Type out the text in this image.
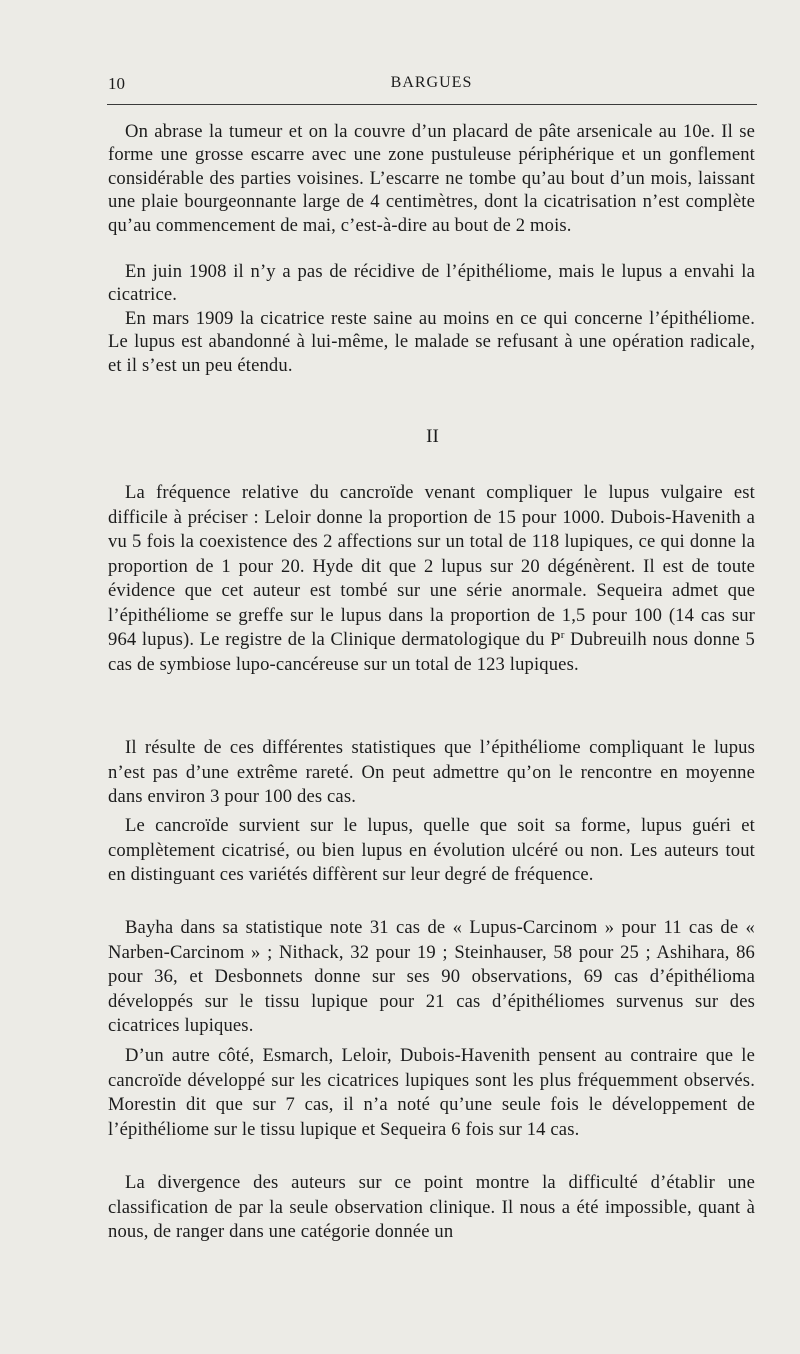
10	BARGUES

On abrase la tumeur et on la couvre d’un placard de pâte arsenicale au 10e. Il se forme une grosse escarre avec une zone pustuleuse périphérique et un gonflement considérable des parties voisines. L’escarre ne tombe qu’au bout d’un mois, laissant une plaie bourgeonnante large de 4 centimètres, dont la cicatrisation n’est complète qu’au commencement de mai, c’est-à-dire au bout de 2 mois.

En juin 1908 il n’y a pas de récidive de l’épithéliome, mais le lupus a envahi la cicatrice.

En mars 1909 la cicatrice reste saine au moins en ce qui concerne l’épithéliome. Le lupus est abandonné à lui-même, le malade se refusant à une opération radicale, et il s’est un peu étendu.

II

La fréquence relative du cancroïde venant compliquer le lupus vulgaire est difficile à préciser : Leloir donne la proportion de 15 pour 1000. Dubois-Havenith a vu 5 fois la coexistence des 2 affections sur un total de 118 lupiques, ce qui donne la proportion de 1 pour 20. Hyde dit que 2 lupus sur 20 dégénèrent. Il est de toute évidence que cet auteur est tombé sur une série anormale. Sequeira admet que l’épithéliome se greffe sur le lupus dans la proportion de 1,5 pour 100 (14 cas sur 964 lupus). Le registre de la Clinique dermatologique du $P^r$ Dubreuilh nous donne 5 cas de symbiose lupo-cancéreuse sur un total de 123 lupiques.

Il résulte de ces différentes statistiques que l’épithéliome compliquant le lupus n’est pas d’une extrême rareté. On peut admettre qu’on le rencontre en moyenne dans environ 3 pour 100 des cas.

Le cancroïde survient sur le lupus, quelle que soit sa forme, lupus guéri et complètement cicatrisé, ou bien lupus en évolution ulcéré ou non. Les auteurs tout en distinguant ces variétés diffèrent sur leur degré de fréquence.

Bayha dans sa statistique note 31 cas de « Lupus-Carcinom » pour 11 cas de « Narben-Carcinom » ; Nithack, 32 pour 19 ; Steinhauser, 58 pour 25 ; Ashihara, 86 pour 36, et Desbonnets donne sur ses 90 observations, 69 cas d’épithélioma développés sur le tissu lupique pour 21 cas d’épithéliomes survenus sur des cicatrices lupiques.

D’un autre côté, Esmarch, Leloir, Dubois-Havenith pensent au contraire que le cancroïde développé sur les cicatrices lupiques sont les plus fréquemment observés. Morestin dit que sur 7 cas, il n’a noté qu’une seule fois le développement de l’épithéliome sur le tissu lupique et Sequeira 6 fois sur 14 cas.

La divergence des auteurs sur ce point montre la difficulté d’établir une classification de par la seule observation clinique. Il nous a été impossible, quant à nous, de ranger dans une catégorie donnée un
